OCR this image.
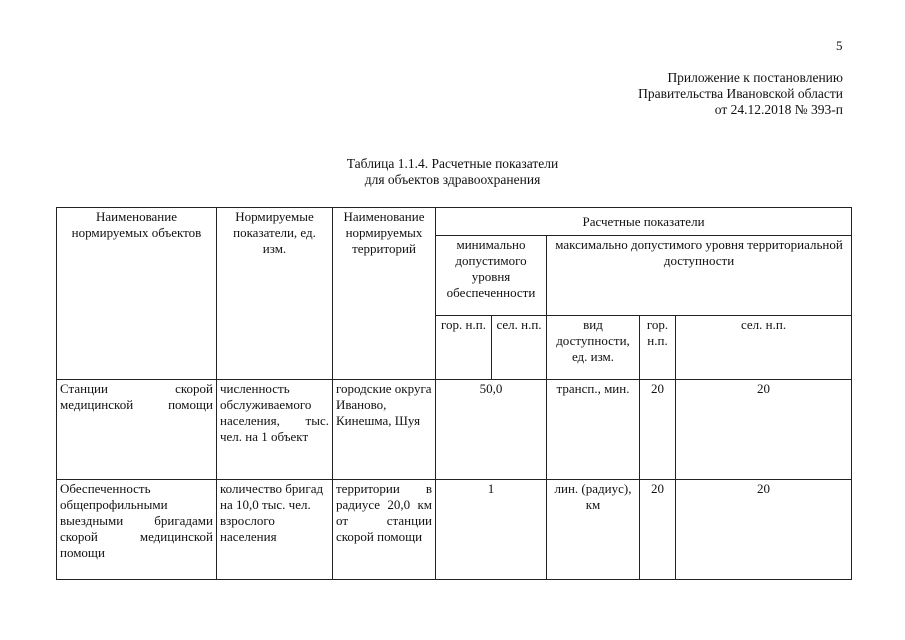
5
Приложение к постановлению
Правительства Ивановской области
от 24.12.2018 № 393-п
Таблица 1.1.4. Расчетные показатели
для объектов здравоохранения
Наименование нормируемых объектов	Нормируемые показатели, ед. изм.	Наименование нормируемых территорий	Расчетные показатели				
			минимально допустимого уровня обеспеченности		максимально допустимого уровня территориальной доступности		
			гор. н.п.	сел. н.п.	вид доступности, ед. изм.	гор. н.п.	сел. н.п.
Станции скорой медицинской помощи	численность обслуживаемого населения, тыс. чел. на 1 объект	городские округа Иваново, Кинешма, Шуя	50,0		трансп., мин.	20	20
Обеспеченность общепрофильными выездными бригадами скорой медицинской помощи	количество бригад на 10,0 тыс. чел. взрослого населения	территории в радиусе 20,0 км от станции скорой помощи	1		лин. (радиус), км	20	20
